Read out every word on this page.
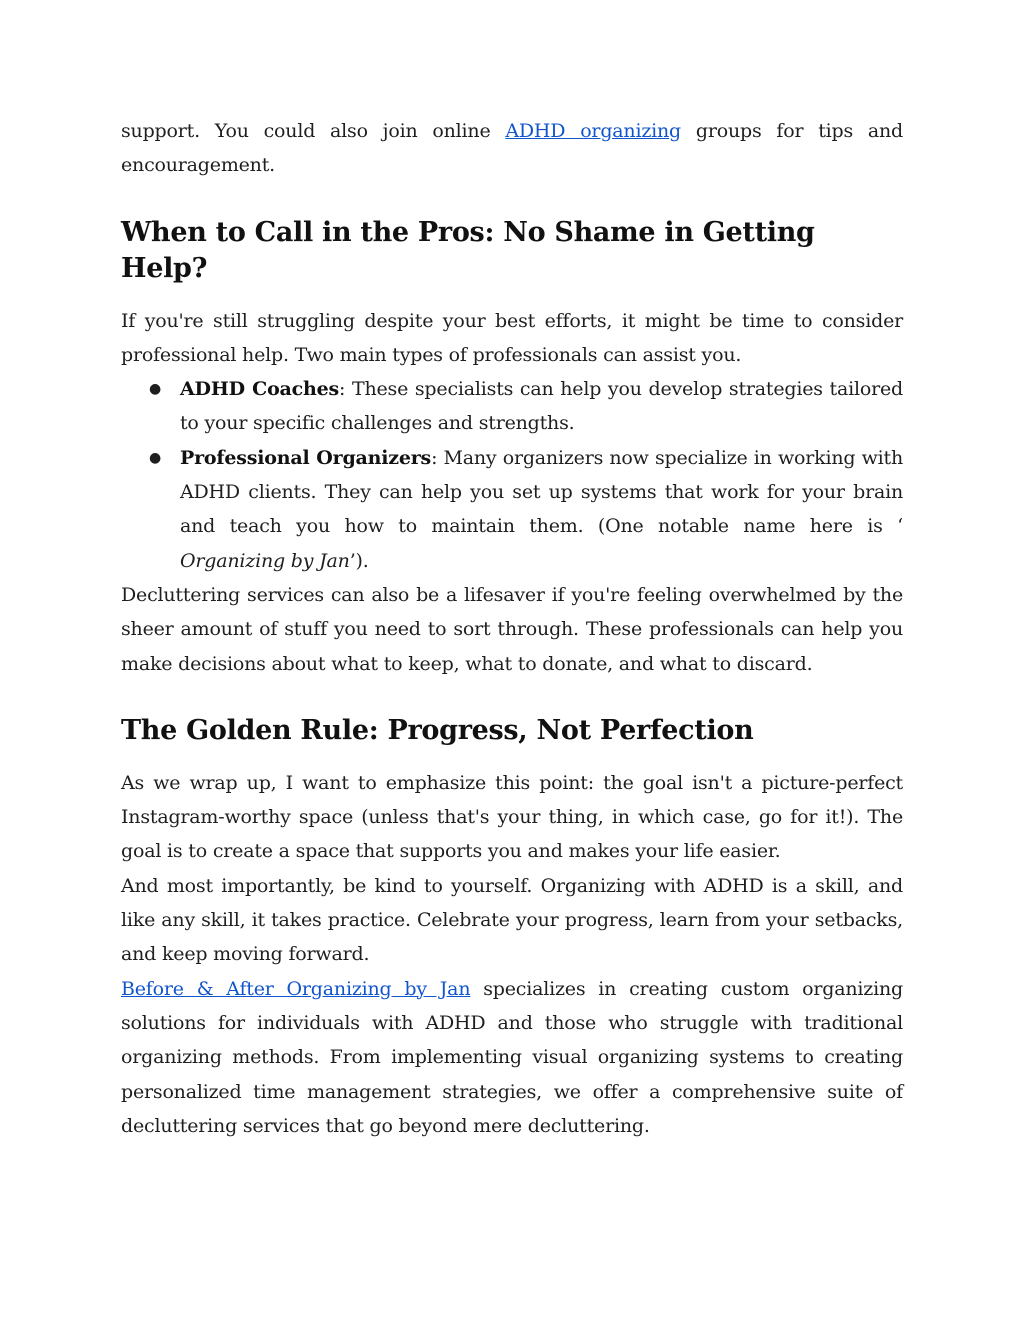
support. You could also join online ADHD organizing groups for tips and encouragement.

When to Call in the Pros: No Shame in Getting Help?

If you're still struggling despite your best efforts, it might be time to consider professional help. Two main types of professionals can assist you.

● ADHD Coaches: These specialists can help you develop strategies tailored to your specific challenges and strengths.
● Professional Organizers: Many organizers now specialize in working with ADHD clients. They can help you set up systems that work for your brain and teach you how to maintain them. (One notable name here is ‘ Organizing by Jan’).

Decluttering services can also be a lifesaver if you're feeling overwhelmed by the sheer amount of stuff you need to sort through. These professionals can help you make decisions about what to keep, what to donate, and what to discard.

The Golden Rule: Progress, Not Perfection

As we wrap up, I want to emphasize this point: the goal isn't a picture-perfect Instagram-worthy space (unless that's your thing, in which case, go for it!). The goal is to create a space that supports you and makes your life easier.

And most importantly, be kind to yourself. Organizing with ADHD is a skill, and like any skill, it takes practice. Celebrate your progress, learn from your setbacks, and keep moving forward.

Before & After Organizing by Jan specializes in creating custom organizing solutions for individuals with ADHD and those who struggle with traditional organizing methods. From implementing visual organizing systems to creating personalized time management strategies, we offer a comprehensive suite of decluttering services that go beyond mere decluttering.
